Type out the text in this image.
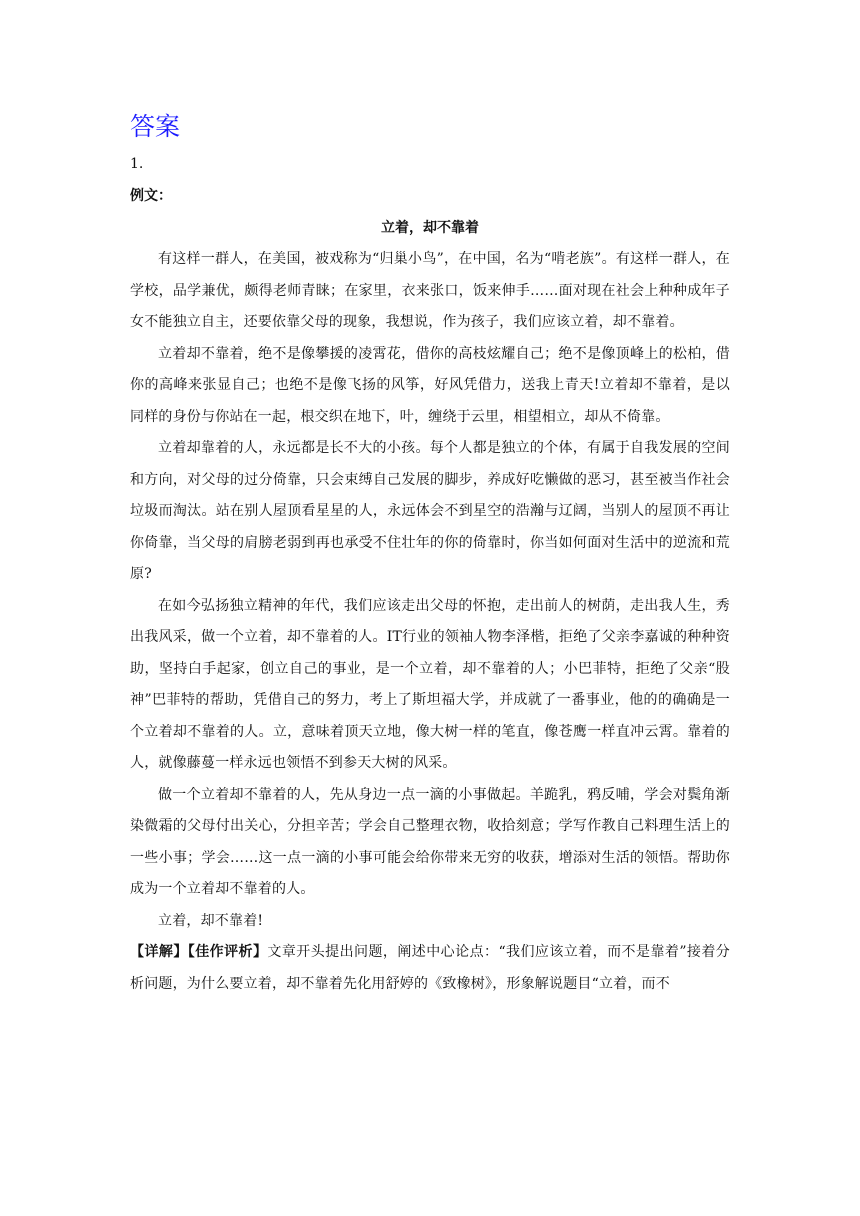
答案

1.

例文：

立着，却不靠着

有这样一群人，在美国，被戏称为“归巢小鸟”，在中国，名为“啃老族”。有这样一群人，在学校，品学兼优，颇得老师青睐；在家里，衣来张口，饭来伸手……面对现在社会上种种成年子女不能独立自主，还要依靠父母的现象，我想说，作为孩子，我们应该立着，却不靠着。

立着却不靠着，绝不是像攀援的凌霄花，借你的高枝炫耀自己；绝不是像顶峰上的松柏，借你的高峰来张显自己；也绝不是像飞扬的风筝，好风凭借力，送我上青天!立着却不靠着，是以同样的身份与你站在一起，根交织在地下，叶，缠绕于云里，相望相立，却从不倚靠。

立着却靠着的人，永远都是长不大的小孩。每个人都是独立的个体，有属于自我发展的空间和方向，对父母的过分倚靠，只会束缚自己发展的脚步，养成好吃懒做的恶习，甚至被当作社会垃圾而淘汰。站在别人屋顶看星星的人，永远体会不到星空的浩瀚与辽阔，当别人的屋顶不再让你倚靠，当父母的肩膀老弱到再也承受不住壮年的你的倚靠时，你当如何面对生活中的逆流和荒原?

在如今弘扬独立精神的年代，我们应该走出父母的怀抱，走出前人的树荫，走出我人生，秀出我风采，做一个立着，却不靠着的人。IT行业的领袖人物李泽楷，拒绝了父亲李嘉诚的种种资助，坚持白手起家，创立自己的事业，是一个立着，却不靠着的人；小巴菲特，拒绝了父亲“股神”巴菲特的帮助，凭借自己的努力，考上了斯坦福大学，并成就了一番事业，他的的确确是一个立着却不靠着的人。立，意味着顶天立地，像大树一样的笔直，像苍鹰一样直冲云霄。靠着的人，就像藤蔓一样永远也领悟不到参天大树的风采。

做一个立着却不靠着的人，先从身边一点一滴的小事做起。羊跪乳，鸦反哺，学会对鬓角渐染微霜的父母付出关心，分担辛苦；学会自己整理衣物，收拾刻意；学写作教自己料理生活上的一些小事；学会……这一点一滴的小事可能会给你带来无穷的收获，增添对生活的领悟。帮助你成为一个立着却不靠着的人。

立着，却不靠着!

【详解】【佳作评析】文章开头提出问题，阐述中心论点：“我们应该立着，而不是靠着”接着分析问题，为什么要立着，却不靠着先化用舒婷的《致橡树》，形象解说题目“立着，而不
